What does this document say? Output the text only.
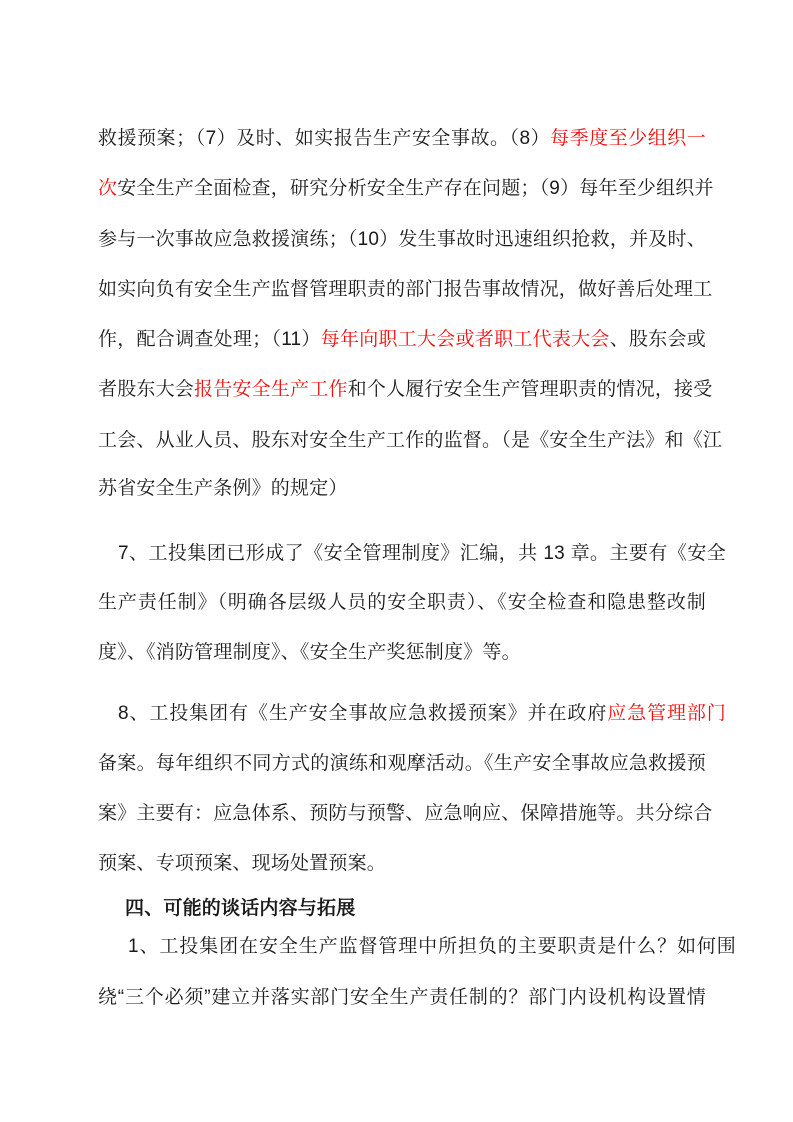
救援预案；（7）及时、如实报告生产安全事故。（8）每季度至少组织一
次安全生产全面检查，研究分析安全生产存在问题；（9）每年至少组织并
参与一次事故应急救援演练；（10）发生事故时迅速组织抢救，并及时、
如实向负有安全生产监督管理职责的部门报告事故情况，做好善后处理工
作，配合调查处理；（11）每年向职工大会或者职工代表大会、股东会或
者股东大会报告安全生产工作和个人履行安全生产管理职责的情况，接受
工会、从业人员、股东对安全生产工作的监督。（是《安全生产法》和《江
苏省安全生产条例》的规定）
7、工投集团已形成了《安全管理制度》汇编，共 13 章。主要有《安全
生产责任制》（明确各层级人员的安全职责）、《安全检查和隐患整改制
度》、《消防管理制度》、《安全生产奖惩制度》等。
8、工投集团有《生产安全事故应急救援预案》并在政府应急管理部门
备案。每年组织不同方式的演练和观摩活动。《生产安全事故应急救援预
案》主要有：应急体系、预防与预警、应急响应、保障措施等。共分综合
预案、专项预案、现场处置预案。
四、可能的谈话内容与拓展
1、工投集团在安全生产监督管理中所担负的主要职责是什么？如何围
绕“三个必须”建立并落实部门安全生产责任制的？部门内设机构设置情
